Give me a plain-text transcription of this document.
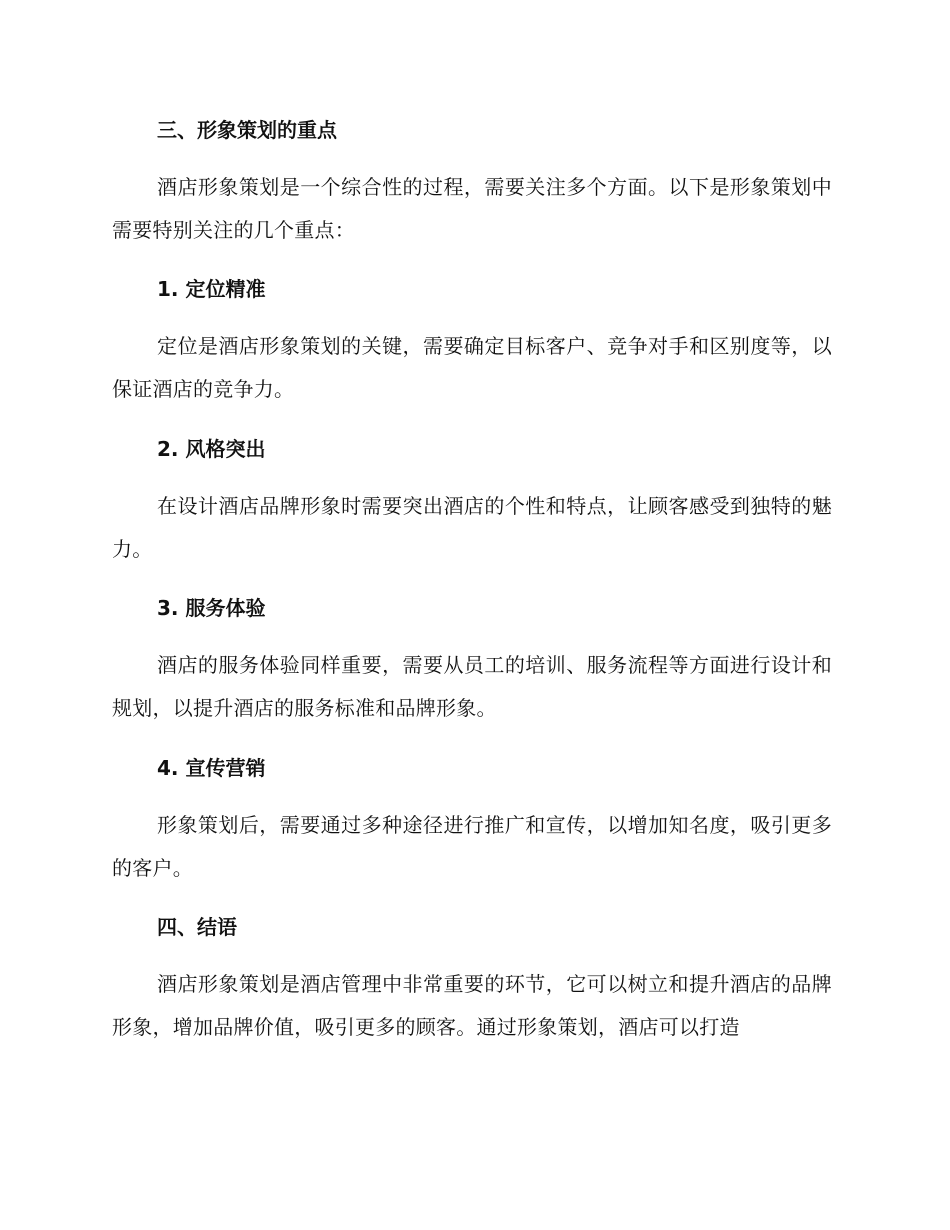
三、形象策划的重点

酒店形象策划是一个综合性的过程，需要关注多个方面。以下是形象策划中需要特别关注的几个重点：

1. 定位精准

定位是酒店形象策划的关键，需要确定目标客户、竞争对手和区别度等，以保证酒店的竞争力。

2. 风格突出

在设计酒店品牌形象时需要突出酒店的个性和特点，让顾客感受到独特的魅力。

3. 服务体验

酒店的服务体验同样重要，需要从员工的培训、服务流程等方面进行设计和规划，以提升酒店的服务标准和品牌形象。

4. 宣传营销

形象策划后，需要通过多种途径进行推广和宣传，以增加知名度，吸引更多的客户。

四、结语

酒店形象策划是酒店管理中非常重要的环节，它可以树立和提升酒店的品牌形象，增加品牌价值，吸引更多的顾客。通过形象策划，酒店可以打造
